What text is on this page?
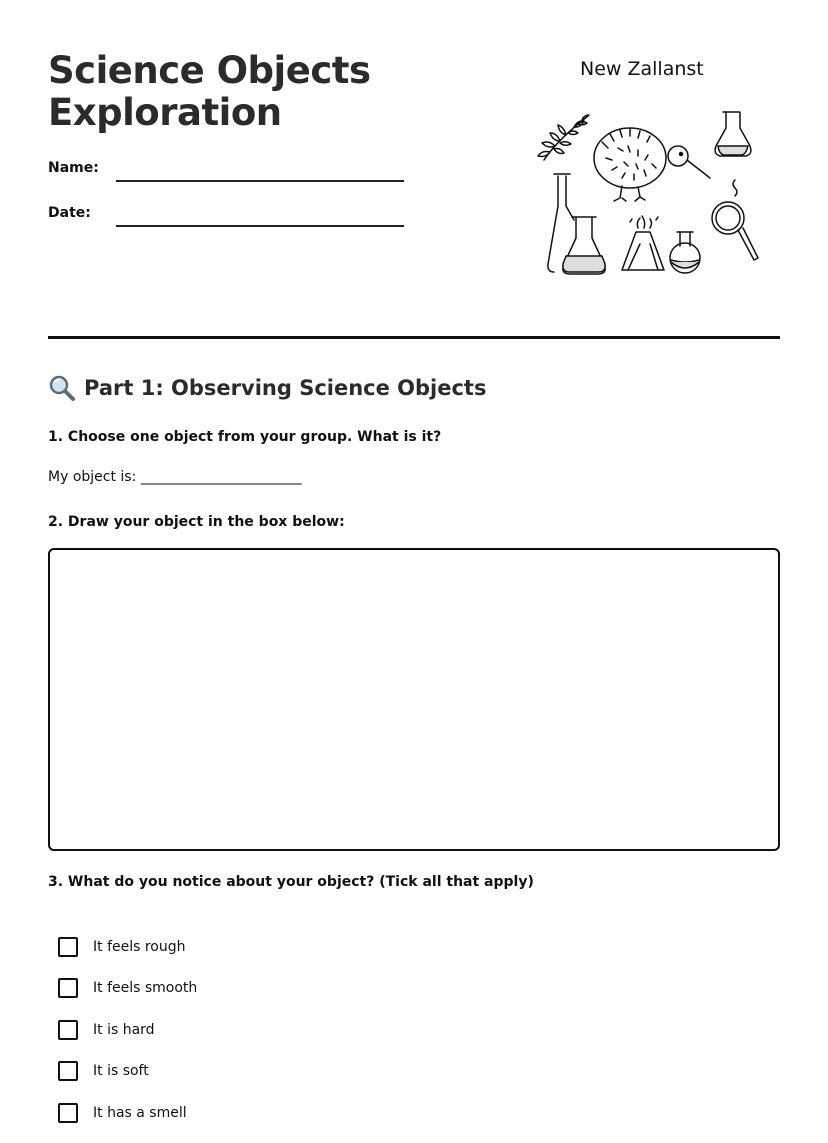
Science Objects
Exploration
Name:
Date:
New Zallanst
Part 1: Observing Science Objects

1. Choose one object from your group. What is it?

My object is: _______________________

2. Draw your object in the box below:

3. What do you notice about your object? (Tick all that apply)

It feels rough
It feels smooth
It is hard
It is soft
It has a smell
